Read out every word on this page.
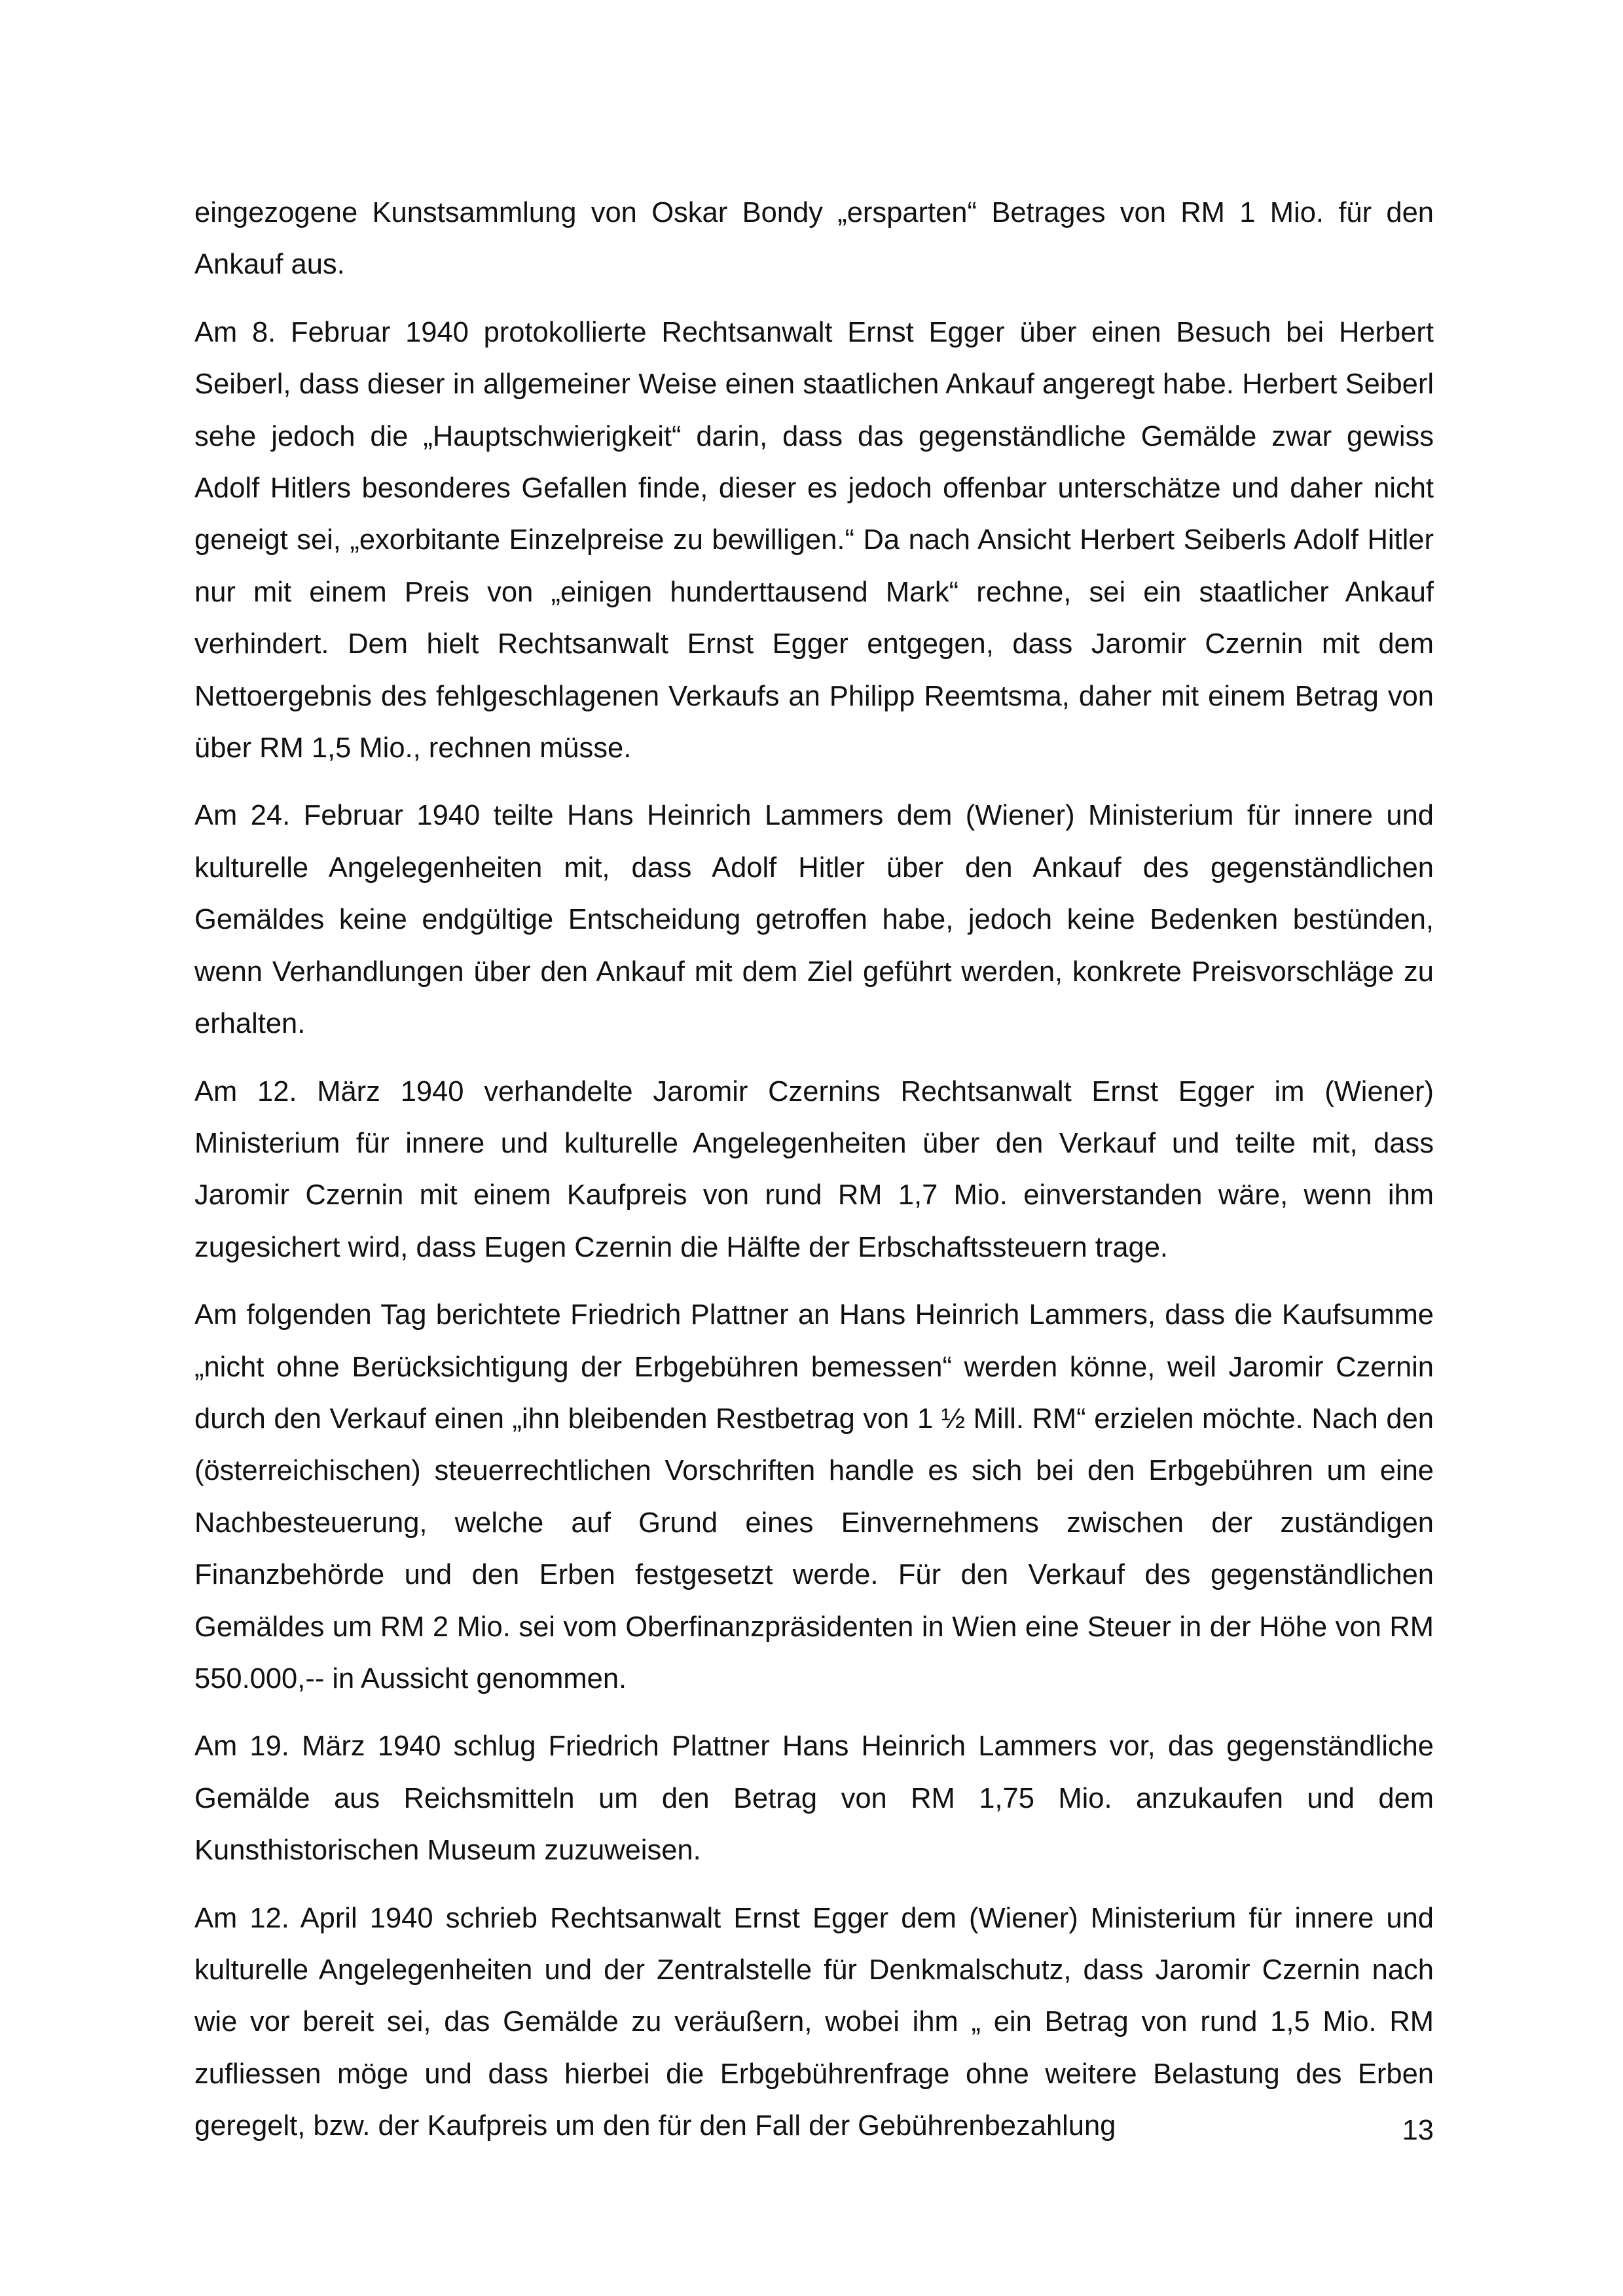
eingezogene Kunstsammlung von Oskar Bondy „ersparten“ Betrages von RM 1 Mio. für den Ankauf aus.

Am 8. Februar 1940 protokollierte Rechtsanwalt Ernst Egger über einen Besuch bei Herbert Seiberl, dass dieser in allgemeiner Weise einen staatlichen Ankauf angeregt habe. Herbert Seiberl sehe jedoch die „Hauptschwierigkeit“ darin, dass das gegenständliche Gemälde zwar gewiss Adolf Hitlers besonderes Gefallen finde, dieser es jedoch offenbar unterschätze und daher nicht geneigt sei, „exorbitante Einzelpreise zu bewilligen.“ Da nach Ansicht Herbert Seiberls Adolf Hitler nur mit einem Preis von „einigen hunderttausend Mark“ rechne, sei ein staatlicher Ankauf verhindert. Dem hielt Rechtsanwalt Ernst Egger entgegen, dass Jaromir Czernin mit dem Nettoergebnis des fehlgeschlagenen Verkaufs an Philipp Reemtsma, daher mit einem Betrag von über RM 1,5 Mio., rechnen müsse.

Am 24. Februar 1940 teilte Hans Heinrich Lammers dem (Wiener) Ministerium für innere und kulturelle Angelegenheiten mit, dass Adolf Hitler über den Ankauf des gegenständlichen Gemäldes keine endgültige Entscheidung getroffen habe, jedoch keine Bedenken bestünden, wenn Verhandlungen über den Ankauf mit dem Ziel geführt werden, konkrete Preisvorschläge zu erhalten.

Am 12. März 1940 verhandelte Jaromir Czernins Rechtsanwalt Ernst Egger im (Wiener) Ministerium für innere und kulturelle Angelegenheiten über den Verkauf und teilte mit, dass Jaromir Czernin mit einem Kaufpreis von rund RM 1,7 Mio. einverstanden wäre, wenn ihm zugesichert wird, dass Eugen Czernin die Hälfte der Erbschaftssteuern trage.

Am folgenden Tag berichtete Friedrich Plattner an Hans Heinrich Lammers, dass die Kaufsumme „nicht ohne Berücksichtigung der Erbgebühren bemessen“ werden könne, weil Jaromir Czernin durch den Verkauf einen „ihn bleibenden Restbetrag von 1 ½ Mill. RM“ erzielen möchte. Nach den (österreichischen) steuerrechtlichen Vorschriften handle es sich bei den Erbgebühren um eine Nachbesteuerung, welche auf Grund eines Einvernehmens zwischen der zuständigen Finanzbehörde und den Erben festgesetzt werde. Für den Verkauf des gegenständlichen Gemäldes um RM 2 Mio. sei vom Oberfinanzpräsidenten in Wien eine Steuer in der Höhe von RM 550.000,-- in Aussicht genommen.

Am 19. März 1940 schlug Friedrich Plattner Hans Heinrich Lammers vor, das gegenständliche Gemälde aus Reichsmitteln um den Betrag von RM 1,75 Mio. anzukaufen und dem Kunsthistorischen Museum zuzuweisen.

Am 12. April 1940 schrieb Rechtsanwalt Ernst Egger dem (Wiener) Ministerium für innere und kulturelle Angelegenheiten und der Zentralstelle für Denkmalschutz, dass Jaromir Czernin nach wie vor bereit sei, das Gemälde zu veräußern, wobei ihm „ ein Betrag von rund 1,5 Mio. RM zufliessen möge und dass hierbei die Erbgebührenfrage ohne weitere Belastung des Erben geregelt, bzw. der Kaufpreis um den für den Fall der Gebührenbezahlung	13
